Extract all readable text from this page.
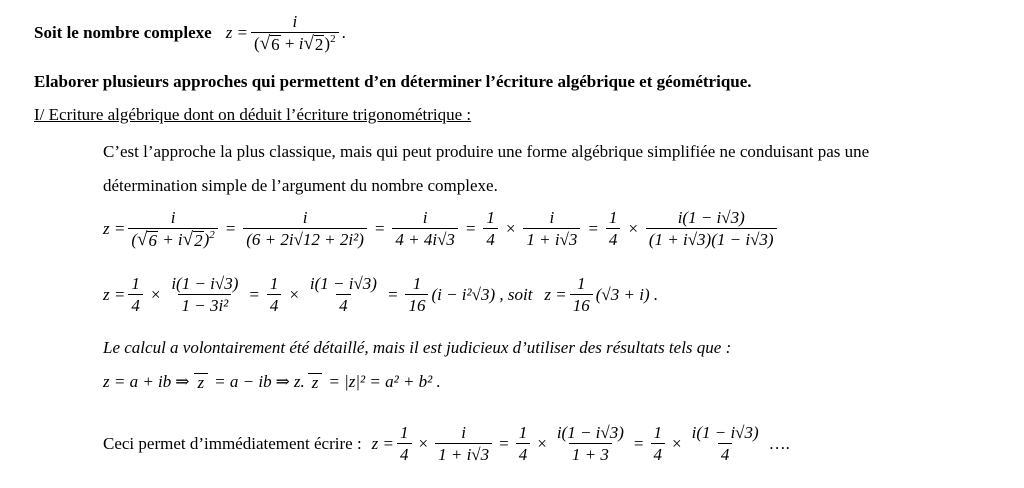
Soit le nombre complexe $z = \frac{i}{( √ 6 + i √ 2 )^2}$ .
Elaborer plusieurs approches qui permettent d’en déterminer l’écriture algébrique et géométrique.
I/ Ecriture algébrique dont on déduit l’écriture trigonométrique :
C’est l’approche la plus classique, mais qui peut produire une forme algébrique simplifiée ne conduisant pas une
détermination simple de l’argument du nombre complexe.
$z = \frac{i}{( √ 6 + i √ 2 )^2} = \frac{i}{\text{(6 + 2i√12 + 2i²)}} = \frac{i}{4 + 4i√3} = \frac{1}{4} \times \frac{i}{1 + i√3} = \frac{1}{4} \times \frac{i(1 - i√3)}{(1 + i√3)(1 - i√3)}$
$z = \frac{1}{4} \times \frac{i(1 - i√3)}{\text{1 − 3i²}} = \frac{1}{4} \times \frac{i(1 - i√3)}{4} = \frac{1}{16} (i - i^2√3)$ , soit $z = \frac{1}{16} (√3 + i)$ .
Le calcul a volontairement été détaillé, mais il est judicieux d’utiliser des résultats tels que :
z = a + ib ⇒ z = a − ib ⇒ z. z = |z|² = a² + b² .
Ceci permet d’immédiatement écrire : $z = \frac{1}{4} \times \frac{i}{1 + i√3} = \frac{1}{4} \times \frac{i(1 - i√3)}{1 + 3} = \frac{1}{4} \times \frac{i(1 - i√3)}{4}$ ….
